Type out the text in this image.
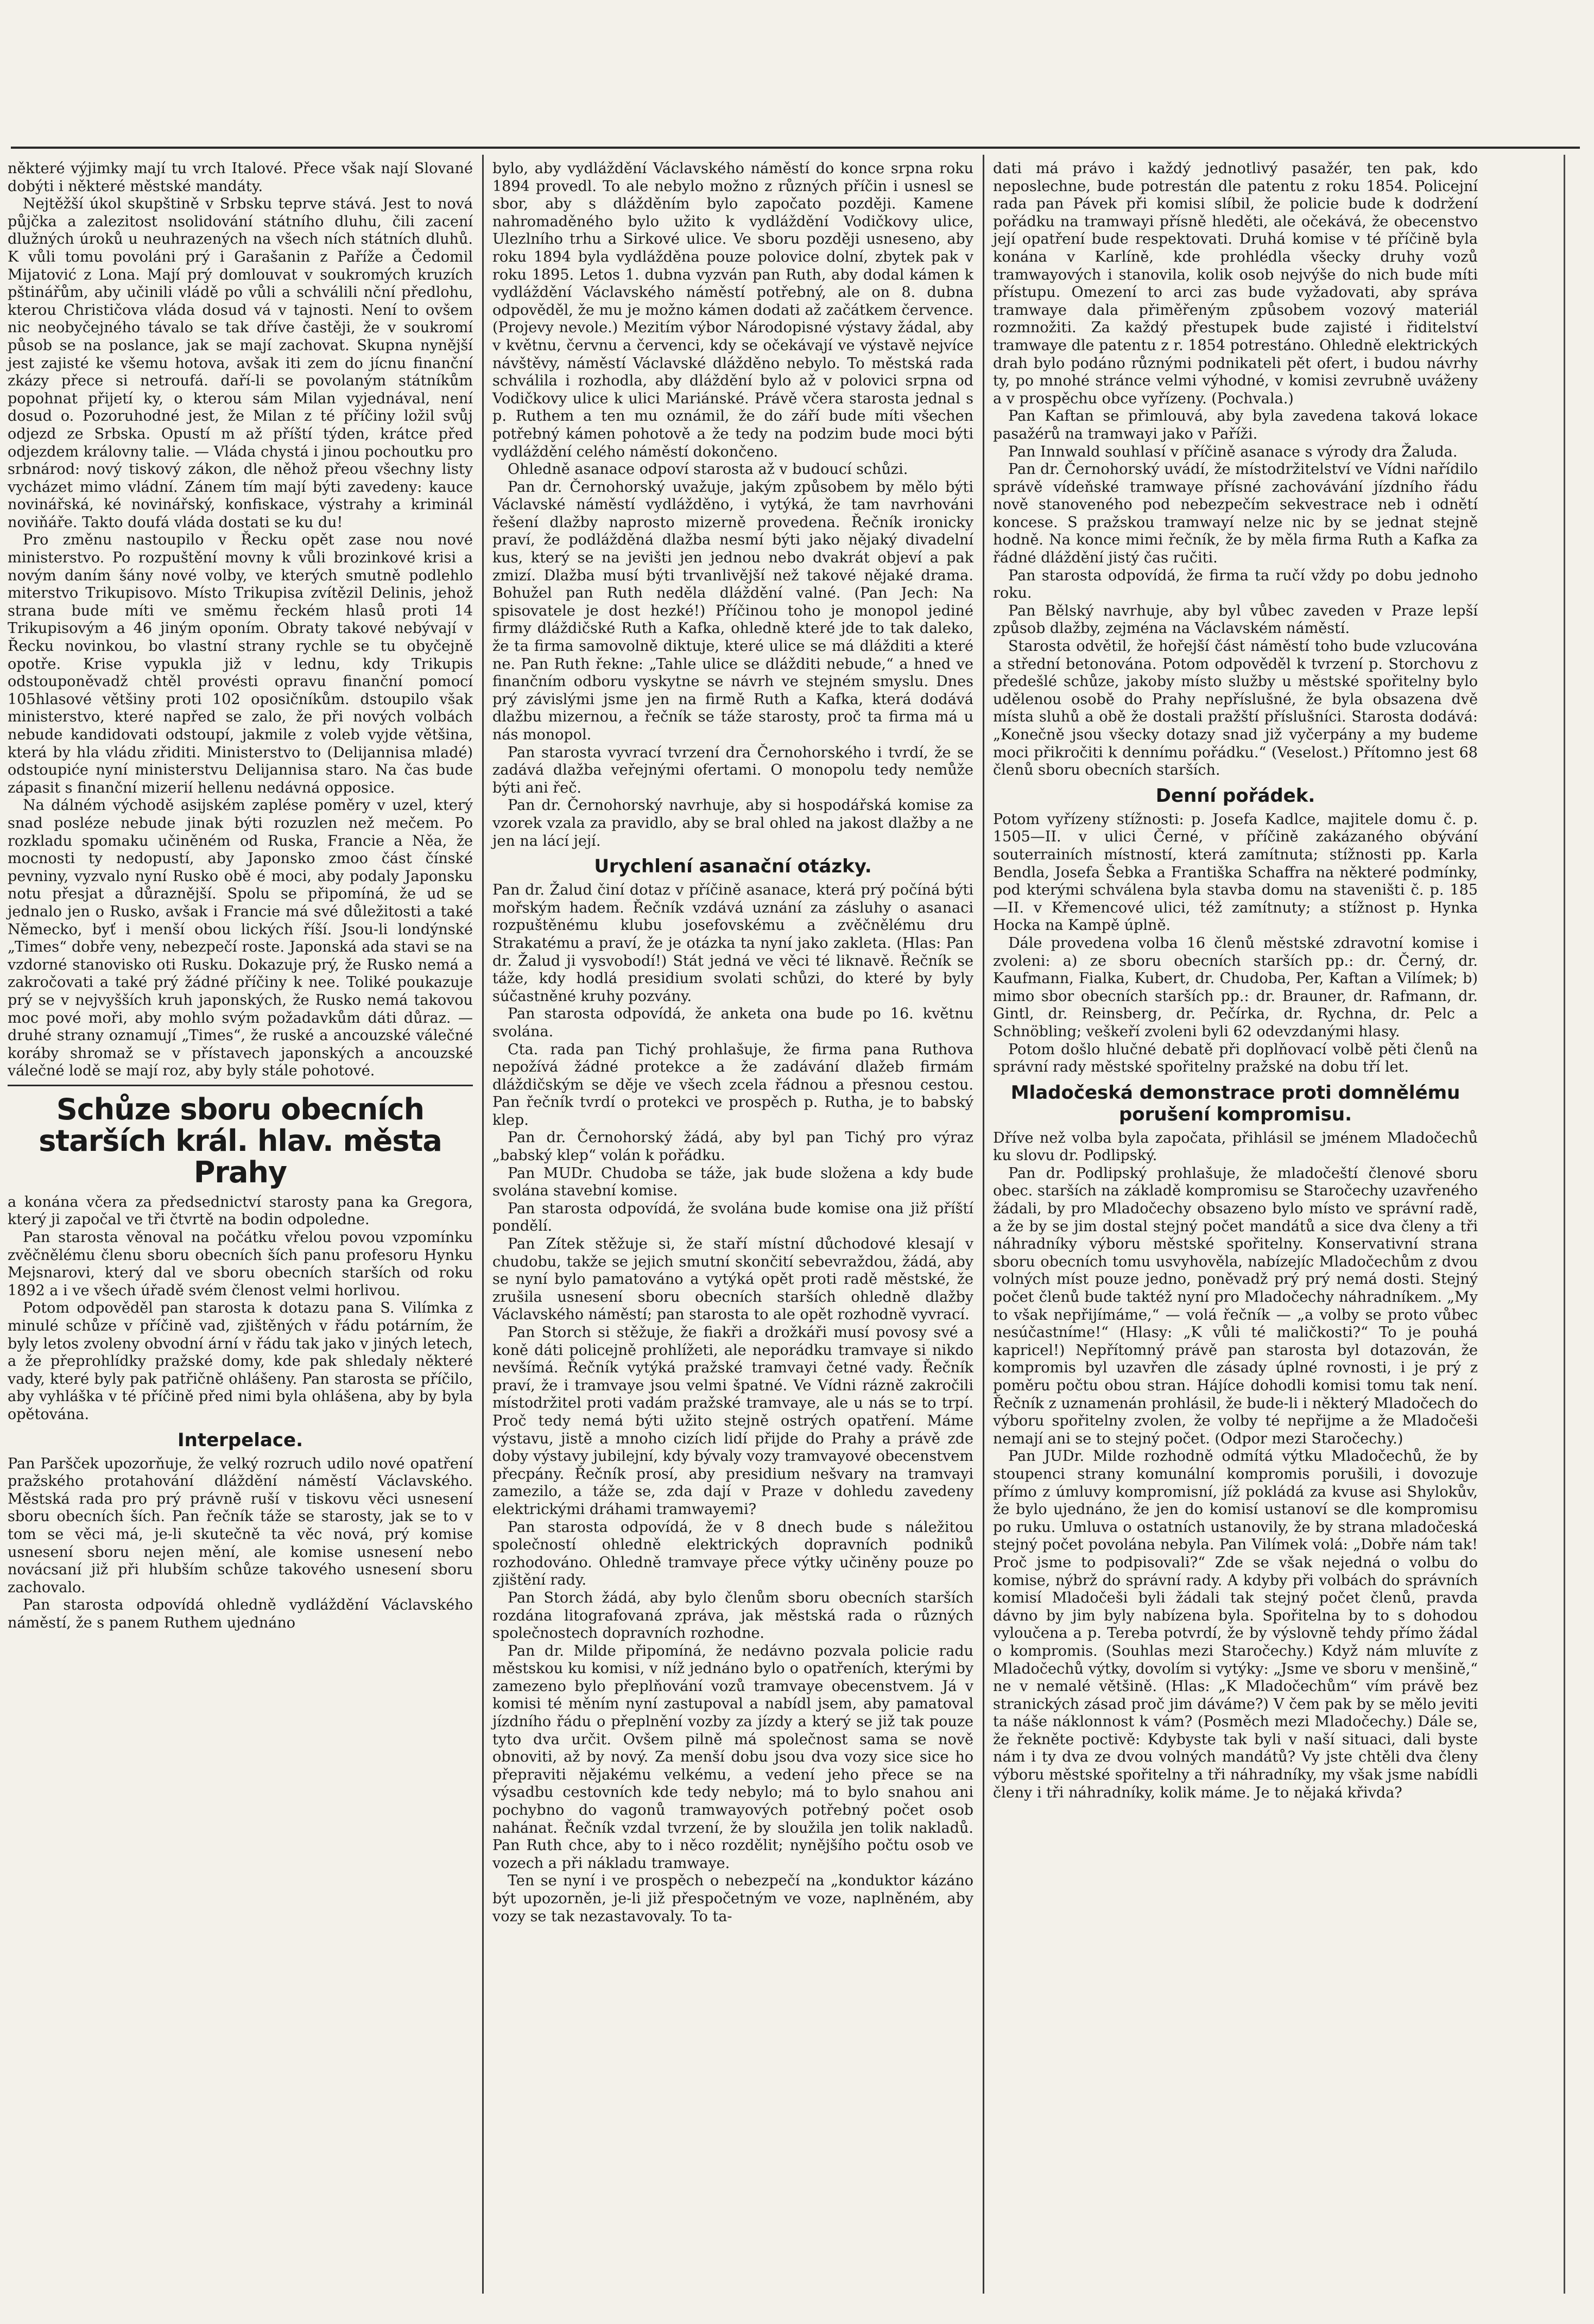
některé výjimky mají tu vrch Italové. Přece však nají Slované dobýti i některé městské mandáty.

Nejtěžší úkol skupštině v Srbsku teprve stává. Jest to nová půjčka a zalezitost nsolidování státního dluhu, čili zacení dlužných úroků u neuhrazených na všech ních státních dluhů. K vůli tomu povoláni prý i Garašanin z Paříže a Čedomil Mijatović z Lona. Mají prý domlouvat v soukromých kruzích pštinářům, aby učinili vládě po vůli a schválili nční předlohu, kterou Christičova vláda dosud vá v tajnosti. Není to ovšem nic neobyčejného távalo se tak dříve častěji, že v soukromí působ se na poslance, jak se mají zachovat. Skupna nynější jest zajisté ke všemu hotova, avšak iti zem do jícnu finanční zkázy přece si netroufá. daří-li se povolaným státníkům popohnat přijetí ky, o kterou sám Milan vyjednával, není dosud o. Pozoruhodné jest, že Milan z té příčiny ložil svůj odjezd ze Srbska. Opustí m až příští týden, krátce před odjezdem královny talie. — Vláda chystá i jinou pochoutku pro srbnárod: nový tiskový zákon, dle něhož přeou všechny listy vycházet mimo vládní. Zánem tím mají býti zavedeny: kauce novinářská, ké novinářský, konfiskace, výstrahy a kriminál noviňáře. Takto doufá vláda dostati se ku du!

Pro změnu nastoupilo v Řecku opět zase nou nové ministerstvo. Po rozpuštění movny k vůli brozinkové krisi a novým daním šány nové volby, ve kterých smutně podlehlo miterstvo Trikupisovo. Místo Trikupisa zvítězil Delinis, jehož strana bude míti ve směmu řeckém hlasů proti 14 Trikupisovým a 46 jiným oponím. Obraty takové nebývají v Řecku novinkou, bo vlastní strany rychle se tu obyčejně opotře. Krise vypukla již v lednu, kdy Trikupis odstouponěvadž chtěl provésti opravu finanční pomocí 105hlasové většiny proti 102 oposičníkům. dstoupilo však ministerstvo, které napřed se zalo, že při nových volbách nebude kandidovati odstoupí, jakmile z voleb vyjde většina, která by hla vládu zřiditi. Ministerstvo to (Delijannisa mladé) odstoupiće nyní ministerstvu Delijannisa staro. Na čas bude zápasit s finanční mizerií hellenu nedávná opposice.

Na dálném východě asijském zaplése poměry v uzel, který snad posléze nebude jinak býti rozuzlen než mečem. Po rozkladu spomaku učiněném od Ruska, Francie a Něa, že mocnosti ty nedopustí, aby Japonsko zmoo část čínské pevniny, vyzvalo nyní Rusko obě é moci, aby podaly Japonsku notu přesjat a důraznější. Spolu se připomíná, že ud se jednalo jen o Rusko, avšak i Francie má své důležitosti a také Německo, byť i menší obou lických říší. Jsou-li londýnské „Times“ dobře veny, nebezpečí roste. Japonská ada stavi se na vzdorné stanovisko oti Rusku. Dokazuje prý, že Rusko nemá a zakročovati a také prý žádné příčiny k nee. Toliké poukazuje prý se v nejvyšších kruh japonských, že Rusko nemá takovou moc pové moři, aby mohlo svým požadavkům dáti důraz. — druhé strany oznamují „Times“, že ruské a ancouzské válečné koráby shromaž se v přístavech japonských a ancouzské válečné lodě se mají roz, aby byly stále pohotové.

Schůze sboru obecních starších král. hlav. města Prahy

a konána včera za předsednictví starosty pana ka Gregora, který ji započal ve tři čtvrtě na bodin odpoledne.

Pan starosta věnoval na počátku vřelou povou vzpomínku zvěčnělému členu sboru obecních ších panu profesoru Hynku Mejsnarovi, který dal ve sboru obecních starších od roku 1892 a i ve všech úřadě svém členost velmi horlivou.

Potom odpověděl pan starosta k dotazu pana S. Vilímka z minulé schůze v příčině vad, zjištěných v řádu potárním, že byly letos zvoleny obvodní ární v řádu tak jako v jiných letech, a že přeprohlídky pražské domy, kde pak shledaly některé vady, které byly pak patřičně ohlášeny. Pan starosta se příčilo, aby vyhláška v té příčině před nimi byla ohlášena, aby by byla opětována.

Interpelace.

Pan Paršček upozorňuje, že velký rozruch udilo nové opatření pražského protahování dláždění náměstí Václavského. Městská rada pro prý právně ruší v tiskovu věci usnesení sboru obecních ších. Pan řečník táže se starosty, jak se to v tom se věci má, je-li skutečně ta věc nová, prý komise usnesení sboru nejen mění, ale komise usnesení nebo novácsaní již při hlubším schůze takového usnesení sboru zachovalo.

Pan starosta odpovídá ohledně vydláždění Václavského náměstí, že s panem Ruthem ujednáno

bylo, aby vydláždění Václavského náměstí do konce srpna roku 1894 provedl. To ale nebylo možno z různých příčin i usnesl se sbor, aby s dlážděním bylo započato později. Kamene nahromaděného bylo užito k vydláždění Vodičkovy ulice, Ulezlního trhu a Sirkové ulice. Ve sboru později usneseno, aby roku 1894 byla vydlážděna pouze polovice dolní, zbytek pak v roku 1895. Letos 1. dubna vyzván pan Ruth, aby dodal kámen k vydláždění Václavského náměstí potřebný, ale on 8. dubna odpověděl, že mu je možno kámen dodati až začátkem července. (Projevy nevole.) Mezitím výbor Národopisné výstavy žádal, aby v květnu, červnu a červenci, kdy se očekávají ve výstavě nejvíce návštěvy, náměstí Václavské dlážděno nebylo. To městská rada schválila i rozhodla, aby dláždění bylo až v polovici srpna od Vodičkovy ulice k ulici Mariánské. Právě včera starosta jednal s p. Ruthem a ten mu oznámil, že do září bude míti všechen potřebný kámen pohotově a že tedy na podzim bude moci býti vydláždění celého náměstí dokončeno.

Ohledně asanace odpoví starosta až v budoucí schůzi.

Pan dr. Černohorský uvažuje, jakým způsobem by mělo býti Václavské náměstí vydlážděno, i vytýká, že tam navrhováni řešení dlažby naprosto mizerně provedena. Řečník ironicky praví, že podlážděná dlažba nesmí býti jako nějaký divadelní kus, který se na jevišti jen jednou nebo dvakrát objeví a pak zmizí. Dlažba musí býti trvanlivější než takové nějaké drama. Bohužel pan Ruth neděla dláždění valné. (Pan Jech: Na spisovatele je dost hezké!) Příčinou toho je monopol jediné firmy dláždičské Ruth a Kafka, ohledně které jde to tak daleko, že ta firma samovolně diktuje, které ulice se má dlážditi a které ne. Pan Ruth řekne: „Tahle ulice se dlážditi nebude,“ a hned ve finančním odboru vyskytne se návrh ve stejném smyslu. Dnes prý závislými jsme jen na firmě Ruth a Kafka, která dodává dlažbu mizernou, a řečník se táže starosty, proč ta firma má u nás monopol.

Pan starosta vyvrací tvrzení dra Černohorského i tvrdí, že se zadává dlažba veřejnými ofertami. O monopolu tedy nemůže býti ani řeč.

Pan dr. Černohorský navrhuje, aby si hospodářská komise za vzorek vzala za pravidlo, aby se bral ohled na jakost dlažby a ne jen na lácí její.

Urychlení asanační otázky.

Pan dr. Žalud činí dotaz v příčině asanace, která prý počíná býti mořským hadem. Řečník vzdává uznání za zásluhy o asanaci rozpuštěnému klubu josefovskému a zvěčnělému dru Strakatému a praví, že je otázka ta nyní jako zakleta. (Hlas: Pan dr. Žalud ji vysvobodí!) Stát jedná ve věci té liknavě. Řečník se táže, kdy hodlá presidium svolati schůzi, do které by byly súčastněné kruhy pozvány.

Pan starosta odpovídá, že anketa ona bude po 16. květnu svolána.

Cta. rada pan Tichý prohlašuje, že firma pana Ruthova nepožívá žádné protekce a že zadávání dlažeb firmám dláždičským se děje ve všech zcela řádnou a přesnou cestou. Pan řečník tvrdí o protekci ve prospěch p. Rutha, je to babský klep.

Pan dr. Černohorský žádá, aby byl pan Tichý pro výraz „babský klep“ volán k pořádku.

Pan MUDr. Chudoba se táže, jak bude složena a kdy bude svolána stavební komise.

Pan starosta odpovídá, že svolána bude komise ona již příští pondělí.

Pan Zítek stěžuje si, že staří místní důchodové klesají v chudobu, takže se jejich smutní skončití sebevraždou, žádá, aby se nyní bylo pamatováno a vytýká opět proti radě městské, že zrušila usnesení sboru obecních starších ohledně dlažby Václavského náměstí; pan starosta to ale opět rozhodně vyvrací.

Pan Storch si stěžuje, že fiakři a drožkáři musí povosy své a koně dáti policejně prohlížeti, ale neporádku tramvaye si nikdo nevšímá. Řečník vytýká pražské tramvayi četné vady. Řečník praví, že i tramvaye jsou velmi špatné. Ve Vídni rázně zakročili místodržitel proti vadám pražské tramvaye, ale u nás se to trpí. Proč tedy nemá býti užito stejně ostrých opatření. Máme výstavu, jistě a mnoho cizích lidí přijde do Prahy a právě zde doby výstavy jubilejní, kdy bývaly vozy tramvayové obecenstvem přecpány. Řečník prosí, aby presidium nešvary na tramvayi zamezilo, a táže se, zda dají v Praze v dohledu zavedeny elektrickými dráhami tramwayemi?

Pan starosta odpovídá, že v 8 dnech bude s náležitou společností ohledně elektrických dopravních podniků rozhodováno. Ohledně tramvaye přece výtky učiněny pouze po zjištění rady.

Pan Storch žádá, aby bylo členům sboru obecních starších rozdána litografovaná zpráva, jak městská rada o různých společnostech dopravních rozhodne.

Pan dr. Milde připomíná, že nedávno pozvala policie radu městskou ku komisi, v níž jednáno bylo o opatřeních, kterými by zamezeno bylo přeplňování vozů tramvaye obecenstvem. Já v komisi té měním nyní zastupoval a nabídl jsem, aby pamatoval jízdního řádu o přeplnění vozby za jízdy a který se již tak pouze tyto dva určit. Ovšem pilně má společnost sama se nově obnoviti, až by nový. Za menší dobu jsou dva vozy sice sice ho přepraviti nějakému velkému, a vedení jeho přece se na výsadbu cestovních kde tedy nebylo; má to bylo snahou ani pochybno do vagonů tramwayových potřebný počet osob nahánat. Řečník vzdal tvrzení, že by sloužila jen tolik nakladů. Pan Ruth chce, aby to i něco rozdělit; nynějšího počtu osob ve vozech a při nákladu tramwaye.

Ten se nyní i ve prospěch o nebezpečí na „konduktor kázáno být upozorněn, je-li již přespočetným ve voze, naplněném, aby vozy se tak nezastavovaly. To ta-

dati má právo i každý jednotlivý pasažér, ten pak, kdo neposlechne, bude potrestán dle patentu z roku 1854. Policejní rada pan Pávek při komisi slíbil, že policie bude k dodržení pořádku na tramwayi přísně hleděti, ale očekává, že obecenstvo její opatření bude respektovati. Druhá komise v té příčině byla konána v Karlíně, kde prohlédla všecky druhy vozů tramwayových i stanovila, kolik osob nejvýše do nich bude míti přístupu. Omezení to arci zas bude vyžadovati, aby správa tramwaye dala přiměřeným způsobem vozový materiál rozmnožiti. Za každý přestupek bude zajisté i řiditelství tramwaye dle patentu z r. 1854 potrestáno. Ohledně elektrických drah bylo podáno různými podnikateli pět ofert, i budou návrhy ty, po mnohé stránce velmi výhodné, v komisi zevrubně uváženy a v prospěchu obce vyřízeny. (Pochvala.)

Pan Kaftan se přimlouvá, aby byla zavedena taková lokace pasažérů na tramwayi jako v Paříži.

Pan Innwald souhlasí v příčině asanace s výrody dra Žaluda.

Pan dr. Černohorský uvádí, že místodržitelství ve Vídni nařídilo správě vídeňské tramwaye přísné zachovávání jízdního řádu nově stanoveného pod nebezpečím sekvestrace neb i odnětí koncese. S pražskou tramwayí nelze nic by se jednat stejně hodně. Na konce mimi řečník, že by měla firma Ruth a Kafka za řádné dláždění jistý čas ručiti.

Pan starosta odpovídá, že firma ta ručí vždy po dobu jednoho roku.

Pan Bělský navrhuje, aby byl vůbec zaveden v Praze lepší způsob dlažby, zejména na Václavském náměstí.

Starosta odvětil, že hořejší část náměstí toho bude vzlucována a střední betonována. Potom odpověděl k tvrzení p. Storchovu z předešlé schůze, jakoby místo služby u městské spořitelny bylo udělenou osobě do Prahy nepříslušné, že byla obsazena dvě místa sluhů a obě že dostali pražští příslušníci. Starosta dodává: „Konečně jsou všecky dotazy snad již vyčerpány a my budeme moci přikročiti k dennímu pořádku.“ (Veselost.) Přítomno jest 68 členů sboru obecních starších.

Denní pořádek.

Potom vyřízeny stížnosti: p. Josefa Kadlce, majitele domu č. p. 1505—II. v ulici Černé, v příčině zakázaného obývání souterrainích místností, která zamítnuta; stížnosti pp. Karla Bendla, Josefa Šebka a Františka Schaffra na některé podmínky, pod kterými schválena byla stavba domu na staveništi č. p. 185—II. v Křemencové ulici, též zamítnuty; a stížnost p. Hynka Hocka na Kampě úplně.

Dále provedena volba 16 členů městské zdravotní komise i zvoleni: a) ze sboru obecních starších pp.: dr. Černý, dr. Kaufmann, Fialka, Kubert, dr. Chudoba, Per, Kaftan a Vilímek; b) mimo sbor obecních starších pp.: dr. Brauner, dr. Rafmann, dr. Gintl, dr. Reinsberg, dr. Pečírka, dr. Rychna, dr. Pelc a Schnöbling; veškeří zvoleni byli 62 odevzdanými hlasy.

Potom došlo hlučné debatě při doplňovací volbě pěti členů na správní rady městské spořitelny pražské na dobu tří let.

Mladočeská demonstrace proti domnělému porušení kompromisu.

Dříve než volba byla započata, přihlásil se jménem Mladočechů ku slovu dr. Podlipský.

Pan dr. Podlipský prohlašuje, že mladočeští členové sboru obec. starších na základě kompromisu se Staročechy uzavřeného žádali, by pro Mladočechy obsazeno bylo místo ve správní radě, a že by se jim dostal stejný počet mandátů a sice dva členy a tři náhradníky výboru městské spořitelny. Konservativní strana sboru obecních tomu usvyhověla, nabízejíc Mladočechům z dvou volných míst pouze jedno, poněvadž prý prý nemá dosti. Stejný počet členů bude taktéž nyní pro Mladočechy náhradníkem. „My to však nepřijímáme,“ — volá řečník — „a volby se proto vůbec nesúčastníme!“ (Hlasy: „K vůli té maličkosti?“ To je pouhá kapricel!) Nepřítomný právě pan starosta byl dotazován, že kompromis byl uzavřen dle zásady úplné rovnosti, i je prý z poměru počtu obou stran. Hájíce dohodli komisi tomu tak není. Řečník z uznamenán prohlásil, že bude-li i některý Mladočech do výboru spořitelny zvolen, že volby té nepřijme a že Mladočeši nemají ani se to stejný počet. (Odpor mezi Staročechy.)

Pan JUDr. Milde rozhodně odmítá výtku Mladočechů, že by stoupenci strany komunální kompromis porušili, i dovozuje přímo z úmluvy kompromisní, jíž pokládá za kvuse asi Shylokův, že bylo ujednáno, že jen do komisí ustanoví se dle kompromisu po ruku. Umluva o ostatních ustanovily, že by strana mladočeská stejný počet povolána nebyla. Pan Vilímek volá: „Dobře nám tak! Proč jsme to podpisovali?“ Zde se však nejedná o volbu do komise, nýbrž do správní rady. A kdyby při volbách do správních komisí Mladočeši byli žádali tak stejný počet členů, pravda dávno by jim byly nabízena byla. Spořitelna by to s dohodou vyloučena a p. Tereba potvrdí, že by výslovně tehdy přímo žádal o kompromis. (Souhlas mezi Staročechy.) Když nám mluvíte z Mladočechů výtky, dovolím si vytýky: „Jsme ve sboru v menšině,“ ne v nemalé většině. (Hlas: „K Mladočechům“ vím právě bez stranických zásad proč jim dáváme?) V čem pak by se mělo jeviti ta náše náklonnost k vám? (Posměch mezi Mladočechy.) Dále se, že řekněte poctivě: Kdybyste tak byli v naší situaci, dali byste nám i ty dva ze dvou volných mandátů? Vy jste chtěli dva členy výboru městské spořitelny a tři náhradníky, my však jsme nabídli členy i tři náhradníky, kolik máme. Je to nějaká křivda?
